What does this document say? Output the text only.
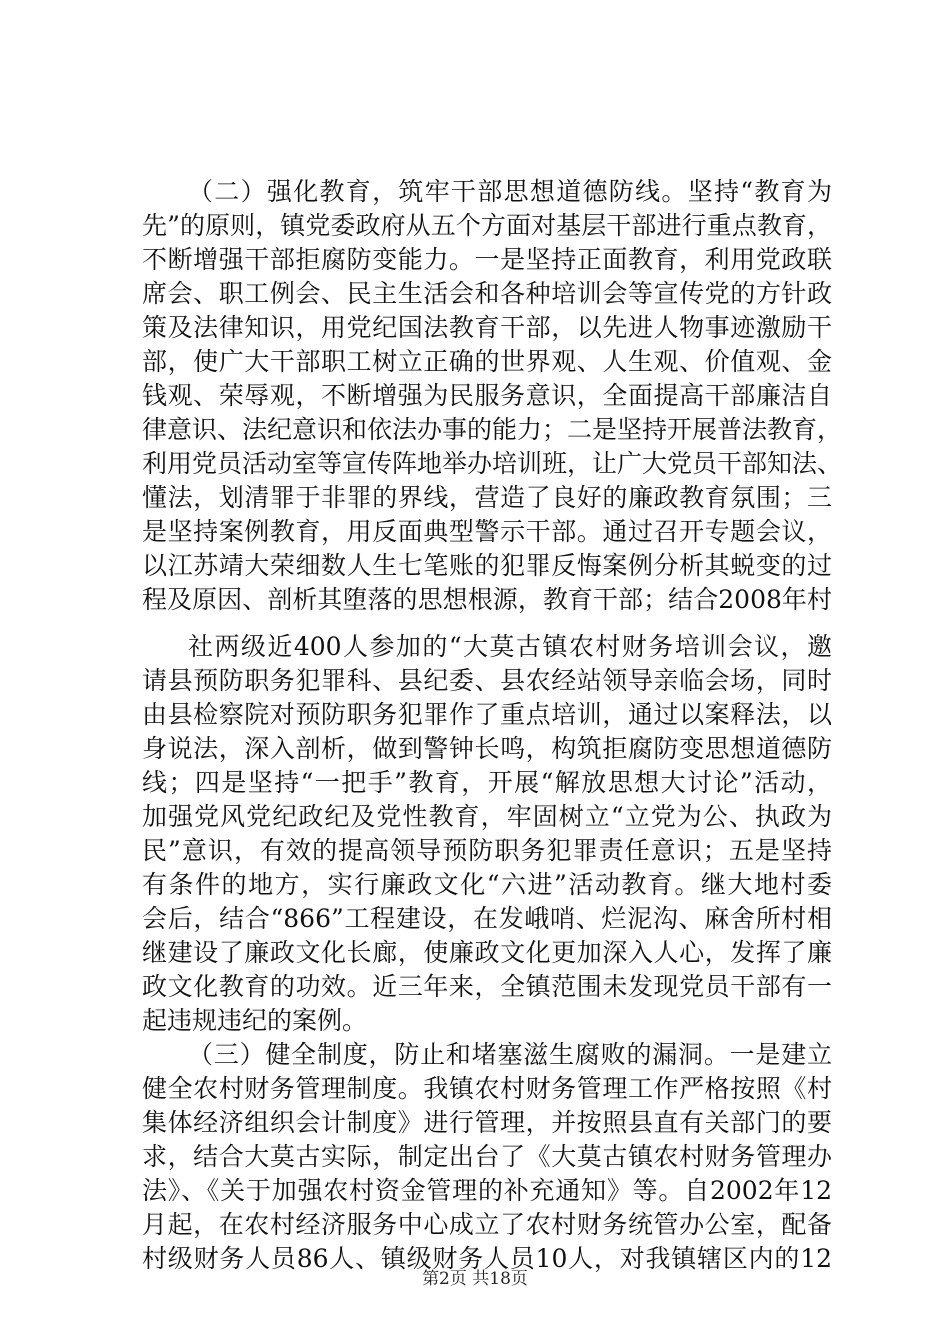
（二）强化教育，筑牢干部思想道德防线。坚持“教育为
先”的原则，镇党委政府从五个方面对基层干部进行重点教育，
不断增强干部拒腐防变能力。一是坚持正面教育，利用党政联
席会、职工例会、民主生活会和各种培训会等宣传党的方针政
策及法律知识，用党纪国法教育干部，以先进人物事迹激励干
部，使广大干部职工树立正确的世界观、人生观、价值观、金
钱观、荣辱观，不断增强为民服务意识，全面提高干部廉洁自
律意识、法纪意识和依法办事的能力；二是坚持开展普法教育，
利用党员活动室等宣传阵地举办培训班，让广大党员干部知法、
懂法，划清罪于非罪的界线，营造了良好的廉政教育氛围；三
是坚持案例教育，用反面典型警示干部。通过召开专题会议，
以江苏靖大荣细数人生七笔账的犯罪反悔案例分析其蜕变的过
程及原因、剖析其堕落的思想根源，教育干部；结合2008年村
社两级近400人参加的“大莫古镇农村财务培训会议，邀
请县预防职务犯罪科、县纪委、县农经站领导亲临会场，同时
由县检察院对预防职务犯罪作了重点培训，通过以案释法，以
身说法，深入剖析，做到警钟长鸣，构筑拒腐防变思想道德防
线；四是坚持“一把手”教育，开展“解放思想大讨论”活动，
加强党风党纪政纪及党性教育，牢固树立“立党为公、执政为
民”意识，有效的提高领导预防职务犯罪责任意识；五是坚持
有条件的地方，实行廉政文化“六进”活动教育。继大地村委
会后，结合“866”工程建设，在发峨哨、烂泥沟、麻舍所村相
继建设了廉政文化长廊，使廉政文化更加深入人心，发挥了廉
政文化教育的功效。近三年来，全镇范围未发现党员干部有一
起违规违纪的案例。
（三）健全制度，防止和堵塞滋生腐败的漏洞。一是建立
健全农村财务管理制度。我镇农村财务管理工作严格按照《村
集体经济组织会计制度》进行管理，并按照县直有关部门的要
求，结合大莫古实际，制定出台了《大莫古镇农村财务管理办
法》、《关于加强农村资金管理的补充通知》等。自2002年12
月起，在农村经济服务中心成立了农村财务统管办公室，配备
村级财务人员86人、镇级财务人员10人，对我镇辖区内的12
第2页 共18页
